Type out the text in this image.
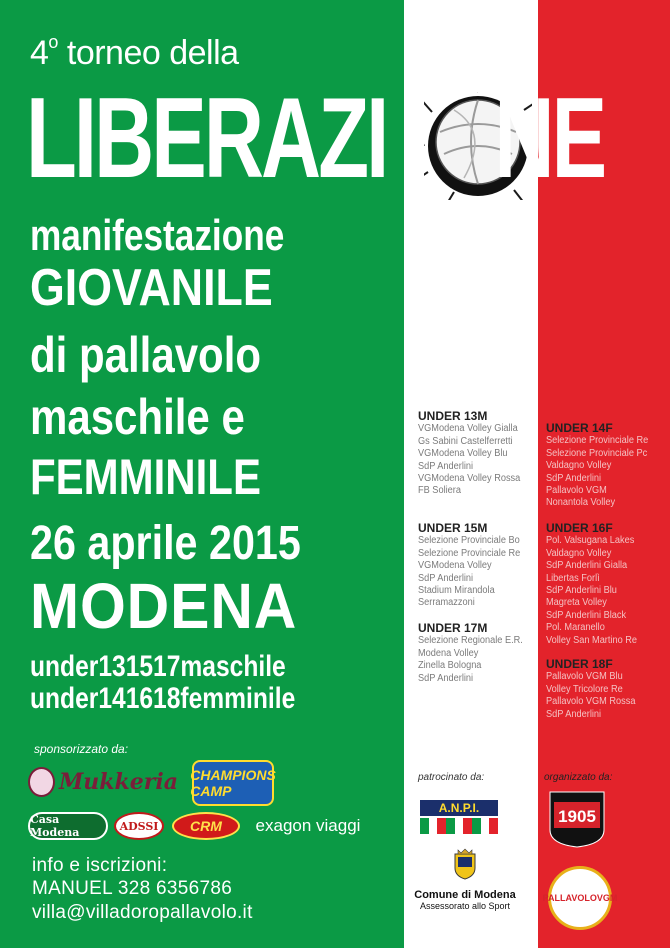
4$^o$ torneo della
LIBERAZI NE
manifestazione
GIOVANILE
di pallavolo
maschile e
FEMMINILE
26 aprile 2015
MODENA
under131517maschile
under141618femminile
sponsorizzato da:
Mukkeria CHAMPIONS CAMP
Casa Modena	ADSSI CRM exagon viaggi
info e iscrizioni:
MANUEL 328 6356786
villa@villadoropallavolo.it
UNDER 13M
VGModena Volley Gialla
Gs Sabini Castelferretti
VGModena Volley Blu
SdP Anderlini
VGModena Volley Rossa
FB Soliera
UNDER 15M
Selezione Provinciale Bo
Selezione Provinciale Re
VGModena Volley
SdP Anderlini
Stadium Mirandola
Serramazzoni
UNDER 17M
Selezione Regionale E.R.
Modena Volley
Zinella Bologna
SdP Anderlini
UNDER 14F
Selezione Provinciale Re
Selezione Provinciale Pc
Valdagno Volley
SdP Anderlini
Pallavolo VGM
Nonantola Volley
UNDER 16F
Pol. Valsugana Lakes
Valdagno Volley
SdP Anderlini Gialla
Libertas Forlì
SdP Anderlini Blu
Magreta Volley
SdP Anderlini Black
Pol. Maranello
Volley San Martino Re
UNDER 18F
Pallavolo VGM Blu
Volley Tricolore Re
Pallavolo VGM Rossa
SdP Anderlini
patrocinato da:	organizzato da:
A.N.P.I.
Comune di Modena
Assessorato allo Sport
1905
PALLAVOLOVGM
